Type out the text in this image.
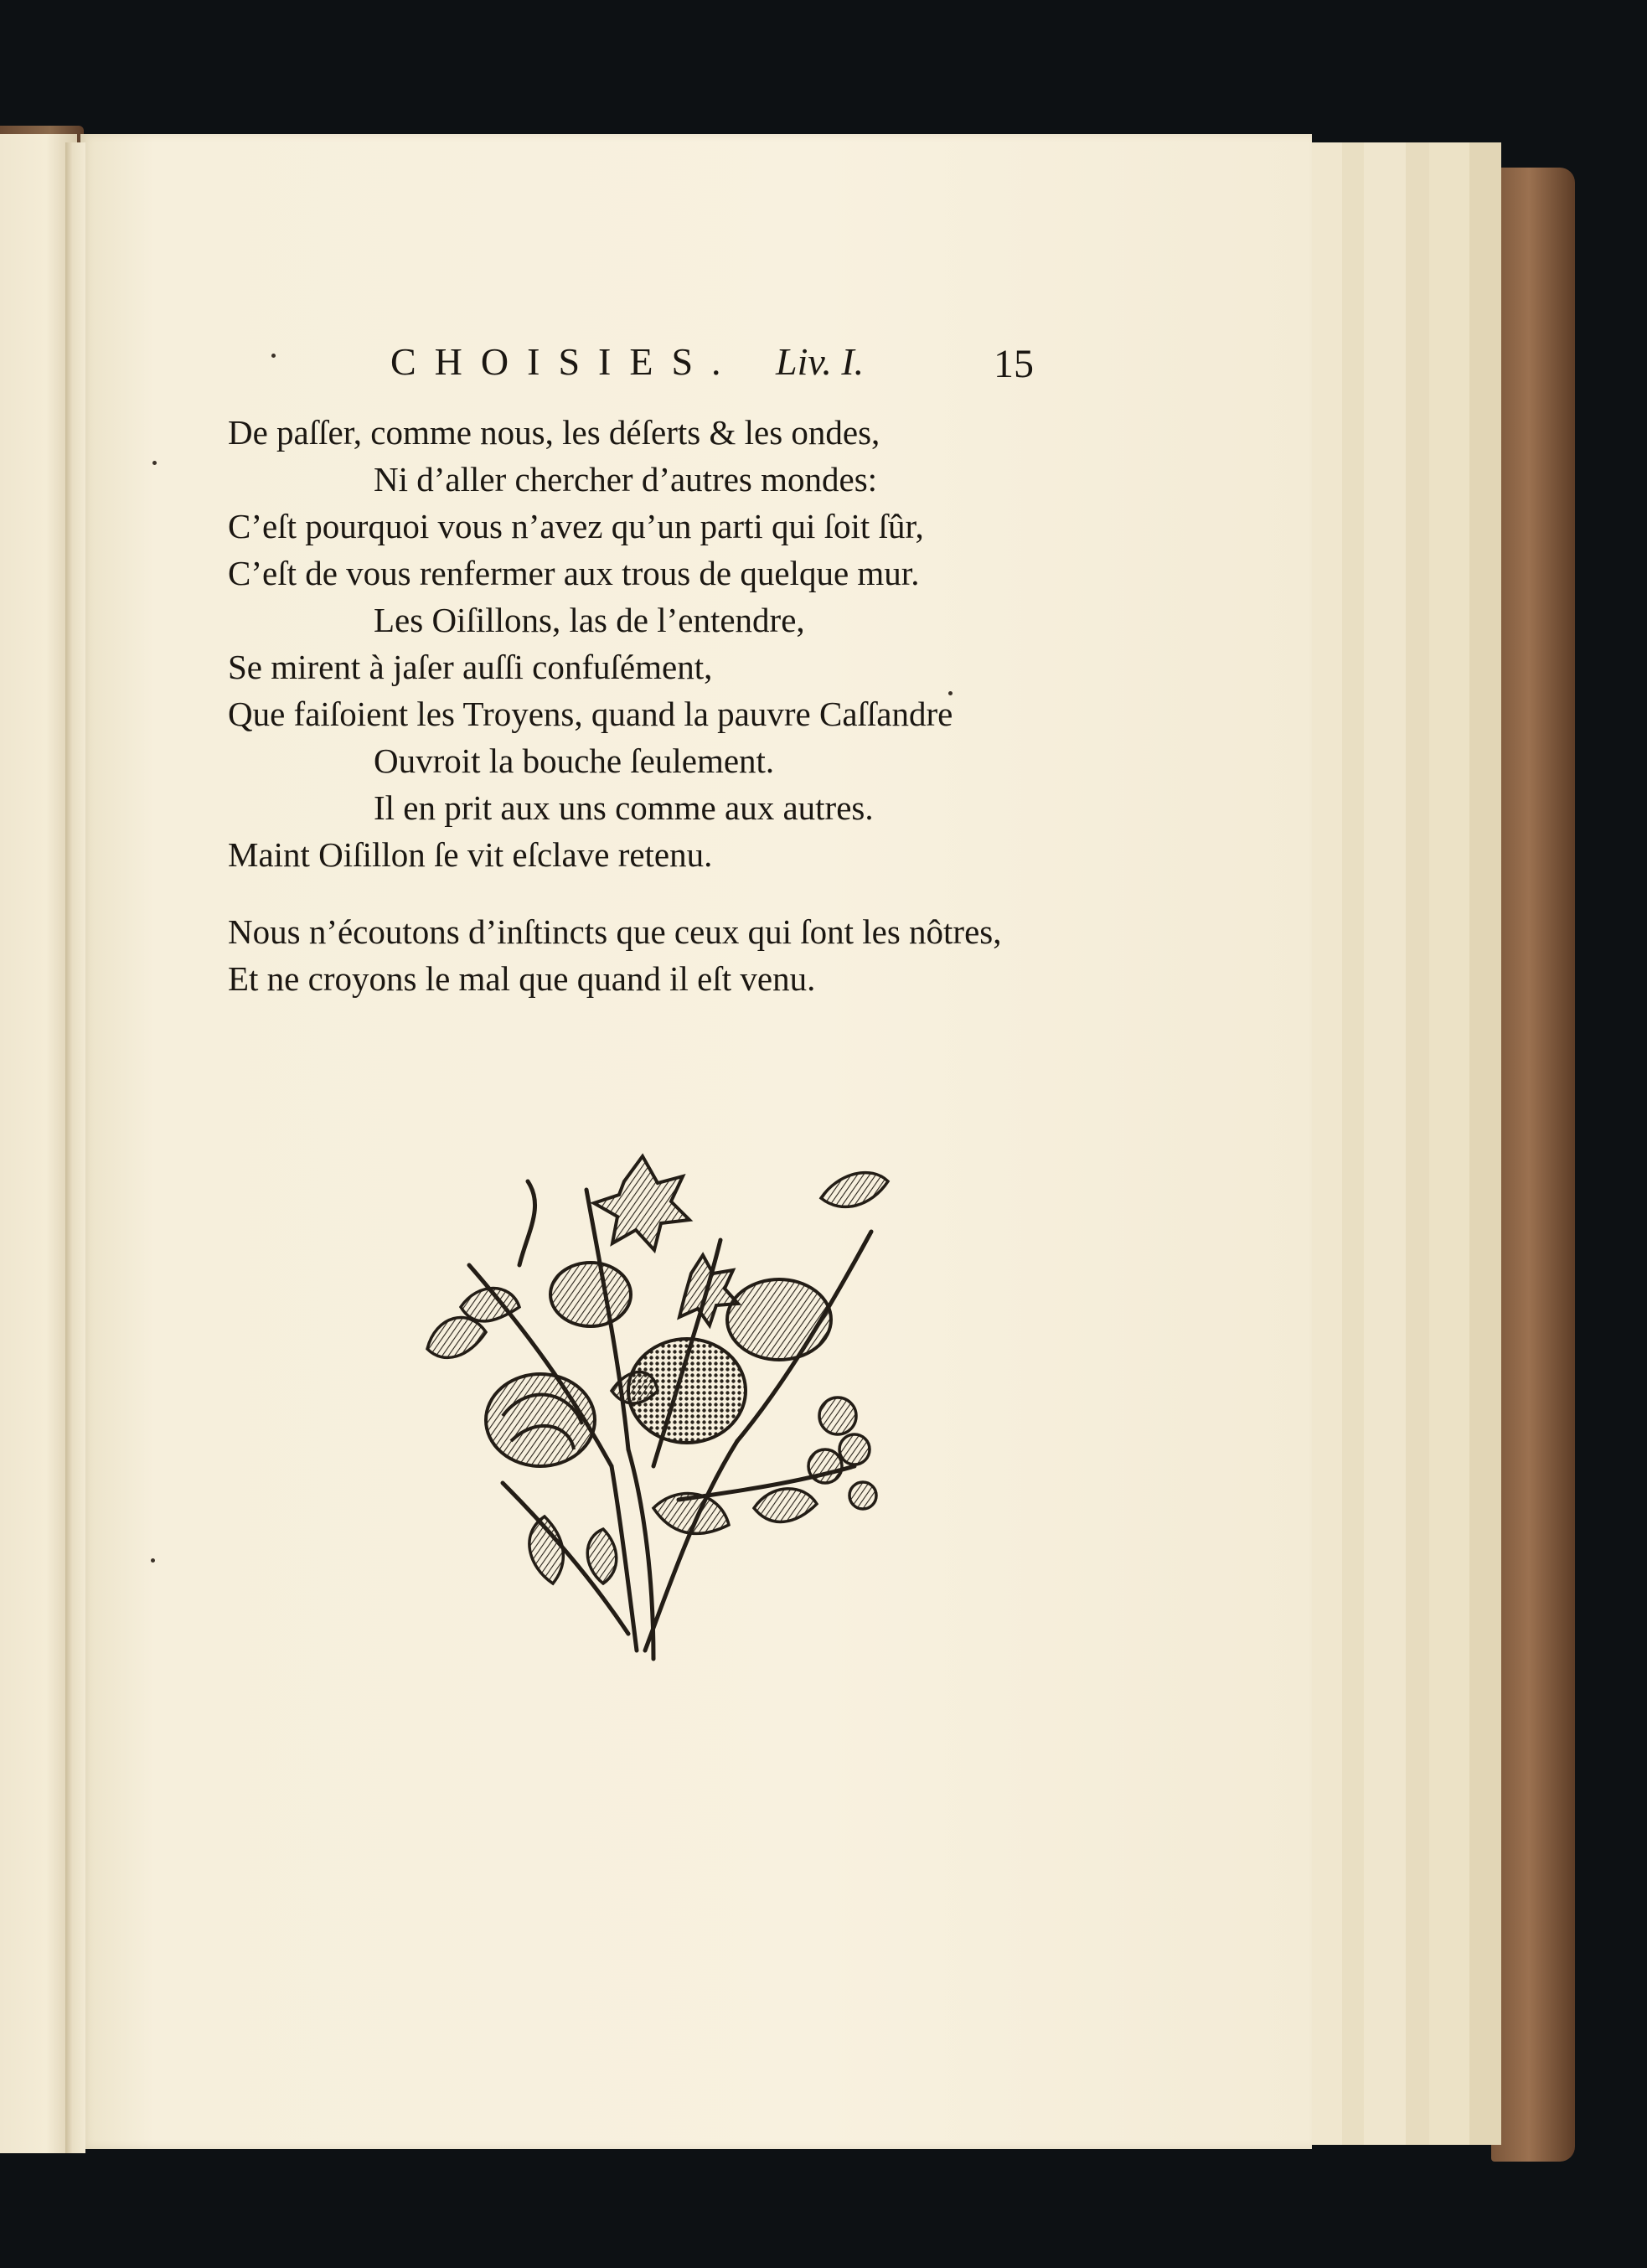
CHOISIES. Liv. I.	15
De paſſer, comme nous, les déſerts & les ondes,
Ni d’aller chercher d’autres mondes:
C’eſt pourquoi vous n’avez qu’un parti qui ſoit ſûr,
C’eſt de vous renfermer aux trous de quelque mur.
Les Oiſillons, las de l’entendre,
Se mirent à jaſer auſſi confuſément,
Que faiſoient les Troyens, quand la pauvre Caſſandre
Ouvroit la bouche ſeulement.
Il en prit aux uns comme aux autres.
Maint Oiſillon ſe vit eſclave retenu.
Nous n’écoutons d’inſtincts que ceux qui ſont les nôtres,
Et ne croyons le mal que quand il eſt venu.
